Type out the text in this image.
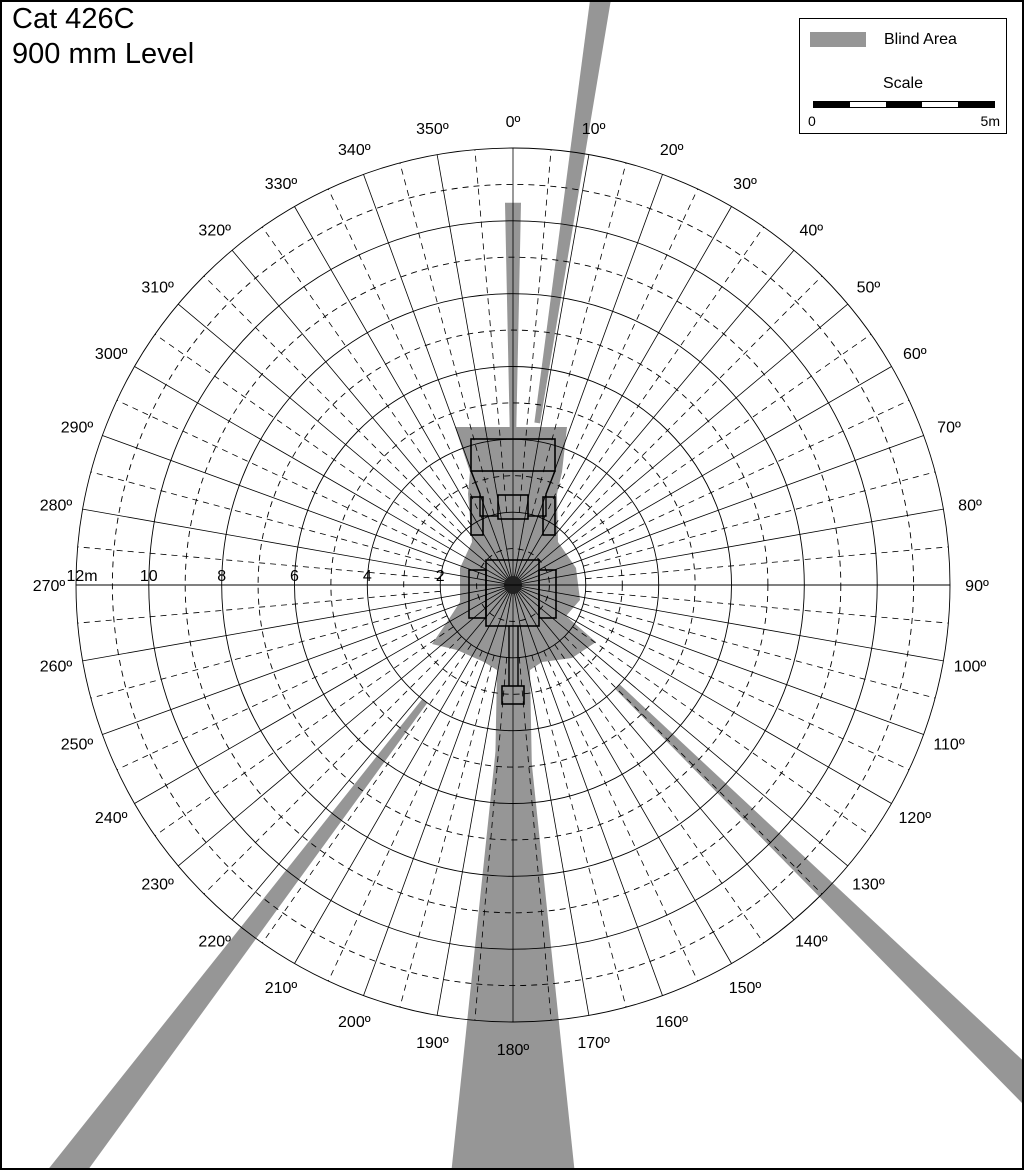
12m	10	8	6	4	2
0º	10º
20º
30º
40º
50º
60º
70º
80º
90º
100º
110º
120º
130º
140º
150º
160º
170º
180º
190º
200º
210º
220º
230º
240º
250º
260º
270º
280º
290º
300º
310º
320º
330º
340º
350º
Cat 426C
900 mm Level	Blind Area
Scale
0	5m
